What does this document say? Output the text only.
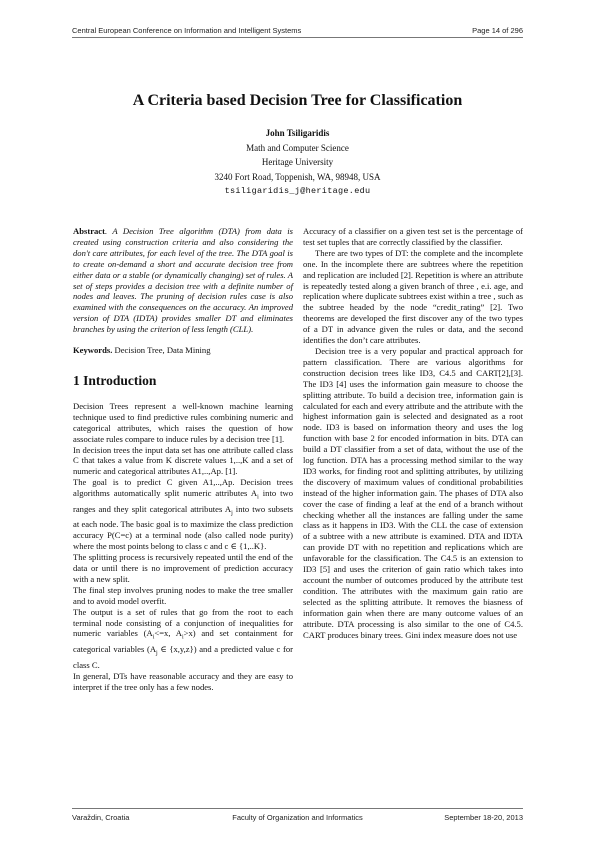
Central European Conference on Information and Intelligent Systems	Page 14 of 296
A Criteria based Decision Tree for Classification
John Tsiligaridis
Math and Computer Science
Heritage University
3240 Fort Road, Toppenish, WA, 98948, USA
tsiligaridis_j@heritage.edu

Abstract. A Decision Tree algorithm (DTA) from data is created using construction criteria and also considering the don't care attributes, for each level of the tree. The DTA goal is to create on-demand a short and accurate decision tree from either data or a stable (or dynamically changing) set of rules. A set of steps provides a decision tree with a definite number of nodes and leaves. The pruning of decision rules case is also examined with the consequences on the accuracy. An improved version of DTA (IDTA) provides smaller DT and eliminates branches by using the criterion of less length (CLL).

Keywords. Decision Tree, Data Mining

1 Introduction

Decision Trees represent a well-known machine learning technique used to find predictive rules combining numeric and categorical attributes, which raises the question of how associate rules compare to induce rules by a decision tree [1].

In decision trees the input data set has one attribute called class C that takes a value from K discrete values 1,..,K and a set of numeric and categorical attributes A1,..,Ap. [1].

The goal is to predict C given A1,..,Ap. Decision trees algorithms automatically split numeric attributes $A_i$ into two ranges and they split categorical attributes $A_j$ into two subsets at each node. The basic goal is to maximize the class prediction accuracy P(C=c) at a terminal node (also called node purity) where the most points belong to class c and c ∈ {1,..K}.

The splitting process is recursively repeated until the end of the data or until there is no improvement of prediction accuracy with a new split.

The final step involves pruning nodes to make the tree smaller and to avoid model overfit.

The output is a set of rules that go from the root to each terminal node consisting of a conjunction of inequalities for numeric variables ($A_i<=x$, $A_i>x$) and set containment for categorical variables ($A_j$ ∈ {x,y,z}) and a predicted value c for class C.

In general, DTs have reasonable accuracy and they are easy to interpret if the tree only has a few nodes.

Accuracy of a classifier on a given test set is the percentage of test set tuples that are correctly classified by the classifier.

There are two types of DT: the complete and the incomplete one. In the incomplete there are subtrees where the repetition and replication are included [2]. Repetition is where an attribute is repeatedly tested along a given branch of three , e.i. age, and replication where duplicate subtrees exist within a tree , such as the subtree headed by the node “credit_rating” [2]. Two theorems are developed the first discover any of the two types of a DT in advance given the rules or data, and the second identifies the don’t care attributes.

Decision tree is a very popular and practical approach for pattern classification. There are various algorithms for construction decision trees like ID3, C4.5 and CART[2],[3]. The ID3 [4] uses the information gain measure to choose the splitting attribute. To build a decision tree, information gain is calculated for each and every attribute and the attribute with the highest information gain is selected and designated as a root node. ID3 is based on information theory and uses the log function with base 2 for encoded information in bits. DTA can build a DT classifier from a set of data, without the use of the log function. DTA has a processing method similar to the way ID3 works, for finding root and splitting attributes, by utilizing the discovery of maximum values of conditional probabilities instead of the higher information gain. The phases of DTA also cover the case of finding a leaf at the end of a branch without checking whether all the instances are falling under the same class as it happens in ID3. With the CLL the case of extension of a subtree with a new attribute is examined. DTA and IDTA can provide DT with no repetition and replications which are unfavorable for the classification. The C4.5 is an extension to ID3 [5] and uses the criterion of gain ratio which takes into account the number of outcomes produced by the attribute test condition. The attributes with the maximum gain ratio are selected as the splitting attribute. It removes the biasness of information gain when there are many outcome values of an attribute. DTA processing is also similar to the one of C4.5. CART produces binary trees. Gini index measure does not use

Varaždin, Croatia	Faculty of Organization and Informatics	September 18-20, 2013
